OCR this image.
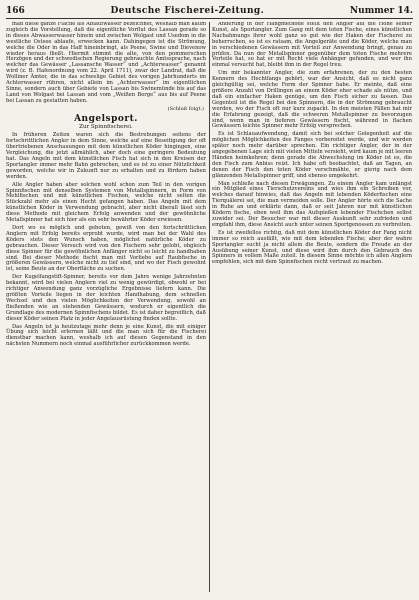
166	Deutsche Fischerei-Zeitung.	Nummer 14.

man diese ganze Fläche als Ablaufwasser bezeichnet, weshalb man kaum zugleich die Vorstellung, daß die eigentliche Vorflut des Lassan gerade so in dieses Abwasserwasser hinein und zwischen Wolgast und Usedom in die westliche Ostsee ablaufe, erwecken kann. Dahingegen ist die Strömung, welche die Oder in das Haff hineinbringt, als Peene, Swine und Dievenow wieder heraus fließt. Hiermit stimmt die alte, von den pommerschen Herzögen und der schwedischen Regierung gebrauchte Amtssprache, nach welcher das Gewässer „Lassansche Wasser“ und „Achterwasser“ genannt wird (z. B. Hafenordnung vom 22. April 1711), zwar der Landrat, daß die Wolliner Ämter, die in das schwelige Gebiet des vorigen Jahrhunderts im Achterwasser rühren, nicht allein im „Achterwasser“ im eigentlichen Sinne, sondern auch über Gebiete von Lassan bis Swinemünde bis auf das Land von Wolgast bei Lassan und vom „Weißen Berge“ aus bis auf Peene bei Lassan zu gestatten haben.

(Schluß folgt.)
Angelsport.
Zur Spinnfischerei.

In früheren Zeiten waren sich die Bestrebungen seitens der fortschrittlichen Angler in dem Sinne, welche auf eine Beseitigung der oft übertriebenen Anschauungen mit dem künstlichen Köder hingingen, eine Vergleichung, die jetzt allmählich, aber doch eine geringere Bedeutung hat. Das Angeln mit dem künstlichen Fisch hat sich in den Kreisen der Sportangler immer mehr Bahn gebrochen, und es ist zu einer Nützlichkeit geworden, welche wir in Zukunft nur zu erhalten und zu fördern haben werden.

Alle Angler haben aber solchen wohl schon zum Teil in den vorigen Spinnfischen mit denselben Systemen von Metallspinnern, in Form von Mehlfischen und mit künstlichen Fischen, welche nicht selten die Stückzahl mehr als einen Hecht gefangen haben. Das Angeln mit dem künstlichen Köder in Verwendung gebracht, aber nicht überall lässt sich diese Methode mit gleichem Erfolg anwenden und der gewöhnliche Metallspinner hat sich hier als ein sehr bewährter Köder erwiesen.

Dort wo es möglich und geboten, gewiß von den fortschrittlichen Anglern mit Erfolg bereits erprobt wurde, wird man bei der Wahl des Köders stets den Wunsch haben, möglichst natürliche Köder zu gebrauchen. Dieser Versuch wird von den Fischern sehr gelobt, obgleich diese Spinner für die gewöhnlichen Anfänger nicht so leicht zu handhaben sind. Bei dieser Methode fischt man mit Vorliebe auf Raubfische in größeren Gewässern, welche nicht zu tief sind, und wo der Fisch gewohnt ist, seine Beute an der Oberfläche zu suchen.

Der Kugelfangstift-Spinner, bereits vor dem Jahre wenige Jahrzehnten bekannt, wird bei vielen Anglern viel zu wenig gewürdigt, obwohl er bei richtiger Anwendung ganz vorzügliche Ergebnisse liefern kann. Die größten Vorteile liegen in der leichten Handhabung, dem schnellen Wechsel und den vielen Möglichkeiten der Verwendung, sowohl an fließenden wie an stehenden Gewässern, wodurch er eigentlich die Grundlage des modernen Spinnfischens bildet. Es ist daher begreiflich, daß dieser Köder seinen Platz in jeder Angelausrüstung finden sollte.

Das Angeln ist ja heutzutage mehr denn je eine Kunst, die mit einiger Übung sich leicht erlernen läßt und die man sich für die Fischerei dienstbar machen kann, weshalb ich auf diesen Gegenstand in den nächsten Nummern noch einmal ausführlicher zurückkommen werde.

Änderung in der Hangmethode stellt den Angler auf die Höhe seiner Kunst, als Sportangler. Zum Gang mit dem toten Fische, eines künstlichen Nachahmungs ihrer wohl ganz so gut wie der Haken der Fischerei zu beherrschen, so ist es ratsam, die Angelgeräte und die Köder, welche man in verschiedenen Gewässern mit Vorteil zur Anwendung bringt, genau zu prüfen. Da nun der Metallspinner gegenüber dem toten Fische mehrere Vorteile hat, so hat er mit Recht viele Anhänger gefunden, und wer ihn einmal versucht hat, bleibt ihm in der Regel treu.

Um mir bekannter Angler, die zum erfahrenen, der zu den besten Kennern des Hechtfangs gehört, war der Ansicht, daß es nicht ganz gleichgültig sei, welche Form der Spinner habe. Er meinte, daß eine größere Anzahl von Drillingen an einem Köder eher schade als nütze, und daß ein einfacher Haken genüge, um den Fisch sicher zu fassen. Das Gegenteil ist die Regel bei den Spinnern, die in der Strömung gebraucht werden, wo der Fisch oft nur kurz zupackt. In den meisten Fällen hat mir die Erfahrung gezeigt, daß die schweren Metallspinner zu bevorzugen sind, wenn man in tieferen Gewässern fischt, während in flachen Gewässern leichte Spinner mehr Erfolg versprechen.

Es ist Schlauaufwendung, damit sich bei solcher Gelegenheit auf die möglichen Möglichkeiten des Fanges vorbereitet werde, und wir werden später noch mehr darüber sprechen. Ein richtiger Angler, der in der angegebenen Lage sich mit vielen Mitteln versieht, wird kaum je mit leeren Händen heimkehren; denn gerade die Abwechslung im Köder ist es, die den Fisch zum Anbiss reizt. Ich habe oft beobachtet, daß an Tagen, an denen der Fisch den toten Köder verschmähte, er gierig nach dem glänzenden Metallspinner griff, und ebenso umgekehrt.

Man schließe nach diesen Erwägungen. Zu einem Angler kam unlängst ein Mitglied eines Tierschutzvereins und wies ihm ein Schreiben vor, welches darauf hinwies, daß das Angeln mit lebenden Köderfischen eine Tierquälerei sei, die man vermeiden solle. Der Angler hörte sich die Sache in Ruhe an und erklärte dann, daß er seit Jahren nur mit künstlichen Ködern fische, eben weil ihm das Aufspießen lebender Fischchen selbst zuwider sei. Der Besucher war mit dieser Auskunft sehr zufrieden und empfahl ihm, diese Ansicht auch unter seinen Sportgenossen zu verbreiten.

Es ist zweifellos richtig, daß mit dem künstlichen Köder der Fang nicht immer so reich ausfällt, wie mit dem lebenden Fische; aber der wahre Sportangler sucht ja nicht allein die Beute, sondern die Freude an der Ausübung seiner Kunst, und diese wird ihm durch den Gebrauch des Spinners in vollem Maße zuteil. In diesem Sinne möchte ich allen Anglern empfehlen, sich mit dem Spinnfischen recht vertraut zu machen.
